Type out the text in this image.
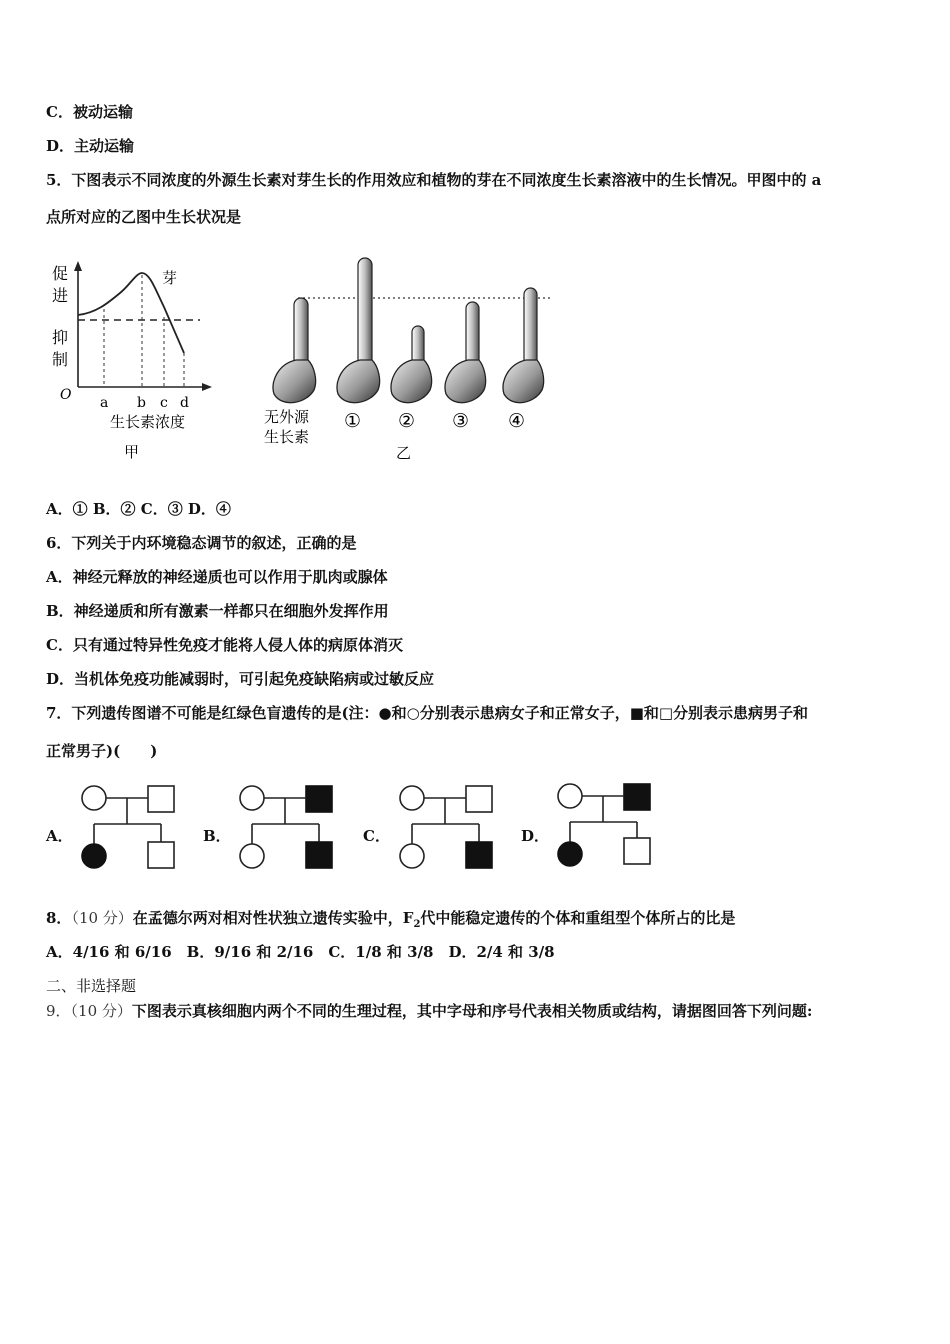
C．被动运输
D．主动运输
5．下图表示不同浓度的外源生长素对芽生长的作用效应和植物的芽在不同浓度生长素溶液中的生长情况。甲图中的 a
点所对应的乙图中生长状况是
促
进
抑
制
O
芽
a b c d
生长素浓度
甲
无外源
生长素
① ② ③ ④
乙
A．① B．② C．③ D．④
6．下列关于内环境稳态调节的叙述，正确的是
A．神经元释放的神经递质也可以作用于肌肉或腺体
B．神经递质和所有激素一样都只在细胞外发挥作用
C．只有通过特异性免疫才能将人侵人体的病原体消灭
D．当机体免疫功能减弱时，可引起免疫缺陷病或过敏反应
7．下列遗传图谱不可能是红绿色盲遗传的是(注：●和○分别表示患病女子和正常女子，■和□分别表示患病男子和
正常男子)(　　)
A．	B．	C．	D．
8．（10 分）在孟德尔两对相对性状独立遗传实验中，$F_2$代中能稳定遗传的个体和重组型个体所占的比是
A．4/16 和 6/16　B．9/16 和 2/16　C．1/8 和 3/8　D．2/4 和 3/8
二、非选择题
9．（10 分）下图表示真核细胞内两个不同的生理过程，其中字母和序号代表相关物质或结构，请据图回答下列问题:
